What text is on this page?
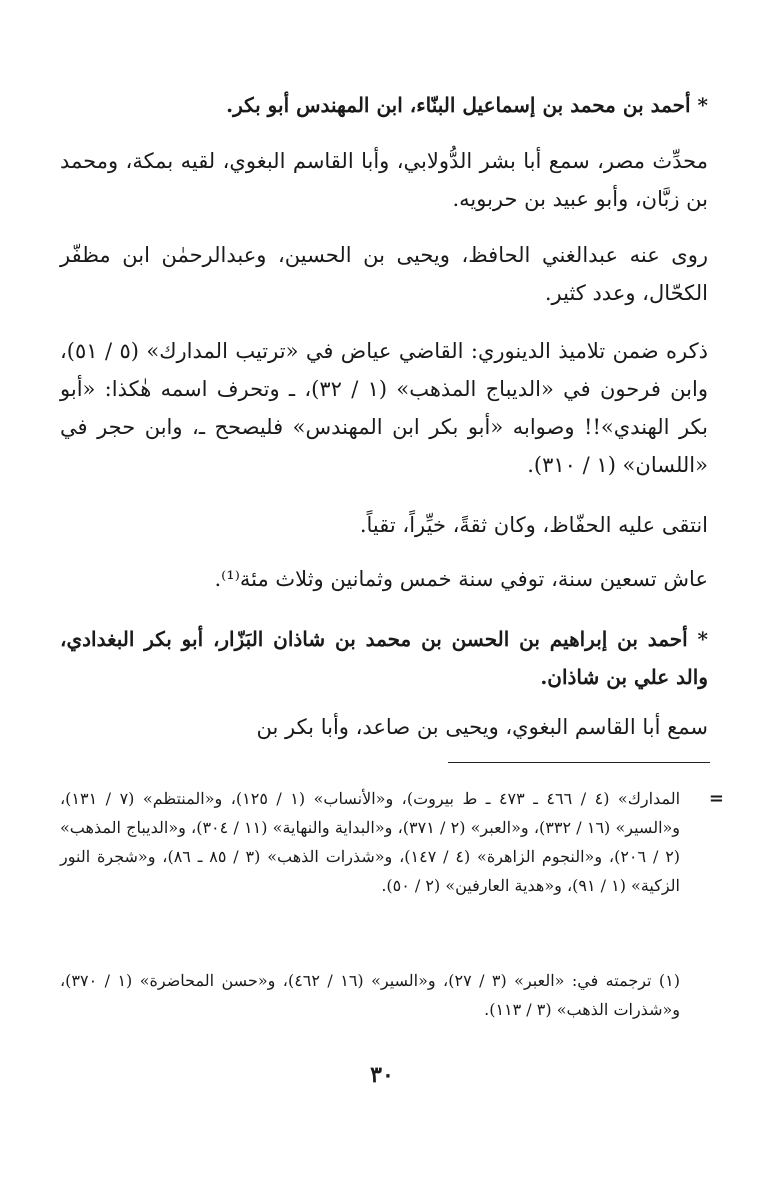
* أحمد بن محمد بن إسماعيل البنّاء، ابن المهندس أبو بكر.

محدِّث مصر، سمع أبا بشر الدُّولابي، وأبا القاسم البغوي، لقيه بمكة، ومحمد بن زبَّان، وأبو عبيد بن حربويه.

روى عنه عبدالغني الحافظ، ويحيى بن الحسين، وعبدالرحمٰن ابن مظفّر الكحّال، وعدد كثير.

ذكره ضمن تلاميذ الدينوري: القاضي عياض في «ترتيب المدارك» (٥ / ٥١)، وابن فرحون في «الديباج المذهب» (١ / ٣٢)، ـ وتحرف اسمه هٰكذا: «أبو بكر الهندي»!! وصوابه «أبو بكر ابن المهندس» فليصحح ـ، وابن حجر في «اللسان» (١ / ٣١٠).

انتقى عليه الحفّاظ، وكان ثقةً، خيِّراً، تقياً.

عاش تسعين سنة، توفي سنة خمس وثمانين وثلاث مئة⁽¹⁾.

* أحمد بن إبراهيم بن الحسن بن محمد بن شاذان البَزّار، أبو بكر البغدادي، والد علي بن شاذان.

سمع أبا القاسم البغوي، ويحيى بن صاعد، وأبا بكر بن

=

المدارك» (٤ / ٤٦٦ ـ ٤٧٣ ـ ط بيروت)، و«الأنساب» (١ / ١٢٥)، و«المنتظم» (٧ / ١٣١)، و«السير» (١٦ / ٣٣٢)، و«العبر» (٢ / ٣٧١)، و«البداية والنهاية» (١١ / ٣٠٤)، و«الديباج المذهب» (٢ / ٢٠٦)، و«النجوم الزاهرة» (٤ / ١٤٧)، و«شذرات الذهب» (٣ / ٨٥ ـ ٨٦)، و«شجرة النور الزكية» (١ / ٩١)، و«هدية العارفين» (٢ / ٥٠).

(١) ترجمته في: «العبر» (٣ / ٢٧)، و«السير» (١٦ / ٤٦٢)، و«حسن المحاضرة» (١ / ٣٧٠)، و«شذرات الذهب» (٣ / ١١٣).

٣٠
